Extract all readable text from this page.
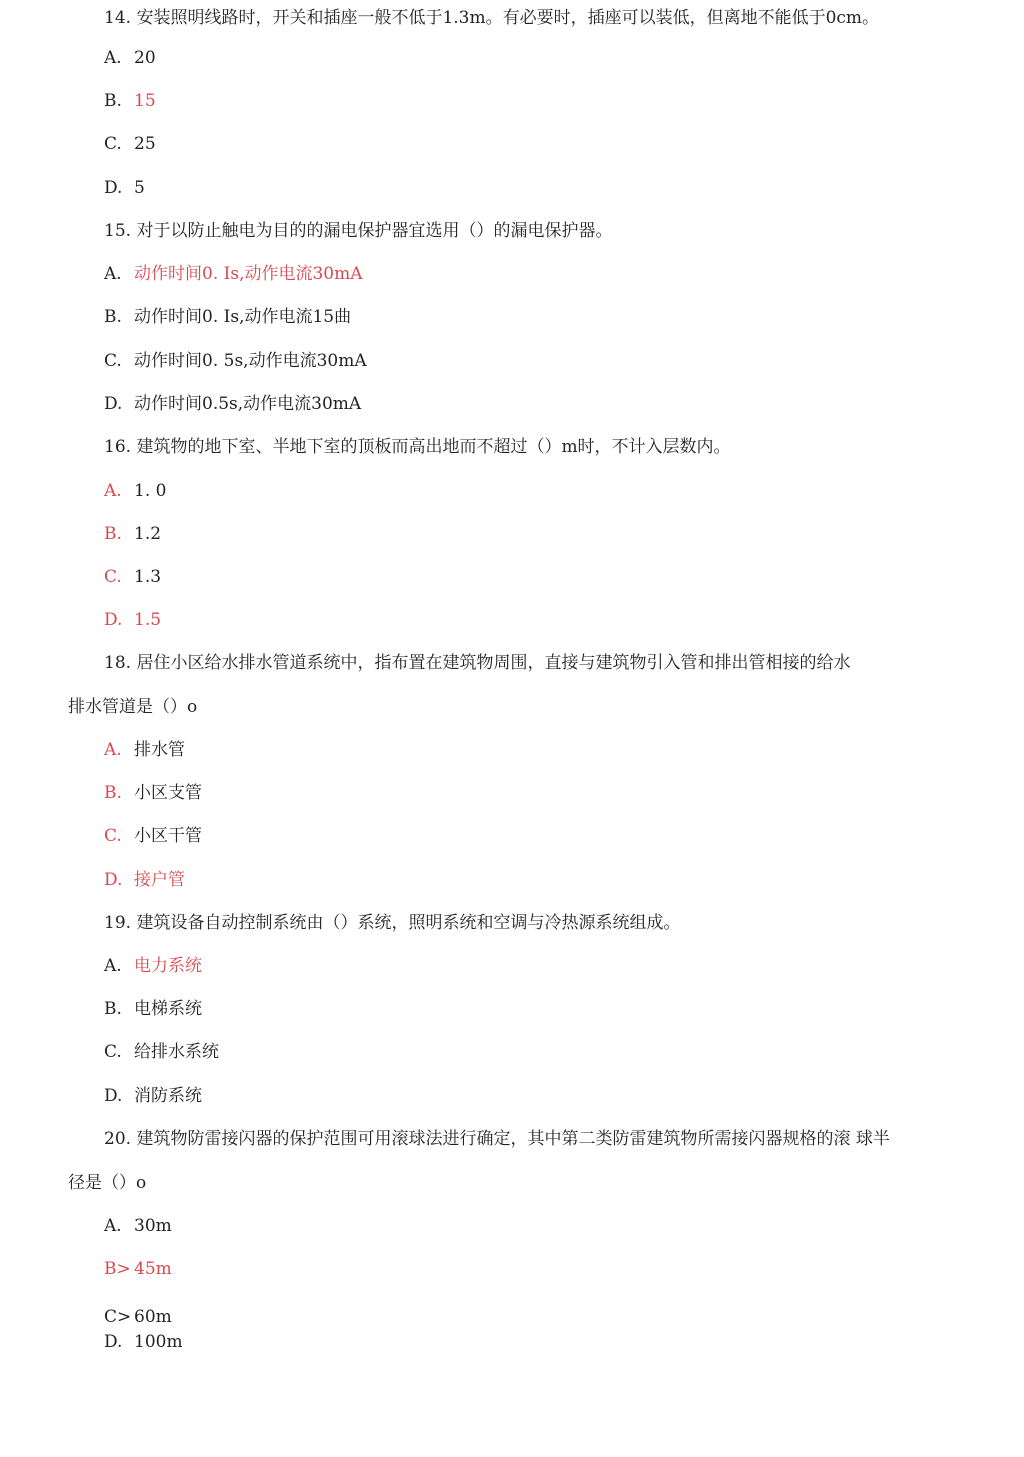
14. 安装照明线路时，开关和插座一般不低于1.3m。有必要时，插座可以装低，但离地不能低于0cm。
A. 20
B. 15
C. 25
D. 5
15. 对于以防止触电为目的的漏电保护器宜选用（）的漏电保护器。
A. 动作时间0. Is,动作电流30mA
B. 动作时间0. Is,动作电流15曲
C. 动作时间0. 5s,动作电流30mA
D. 动作时间0.5s,动作电流30mA
16. 建筑物的地下室、半地下室的顶板而高出地而不超过（）m时，不计入层数内。
A. 1. 0
B. 1.2
C. 1.3
D. 1.5
18. 居住小区给水排水管道系统中，指布置在建筑物周围，直接与建筑物引入管和排出管相接的给水
排水管道是（）o
A. 排水管
B. 小区支管
C. 小区干管
D. 接户管
19. 建筑设备自动控制系统由（）系统，照明系统和空调与冷热源系统组成。
A. 电力系统
B. 电梯系统
C. 给排水系统
D. 消防系统
20. 建筑物防雷接闪器的保护范围可用滚球法进行确定，其中第二类防雷建筑物所需接闪器规格的滚 球半
径是（）o
A. 30m
B> 45m
C> 60m
D. 100m
